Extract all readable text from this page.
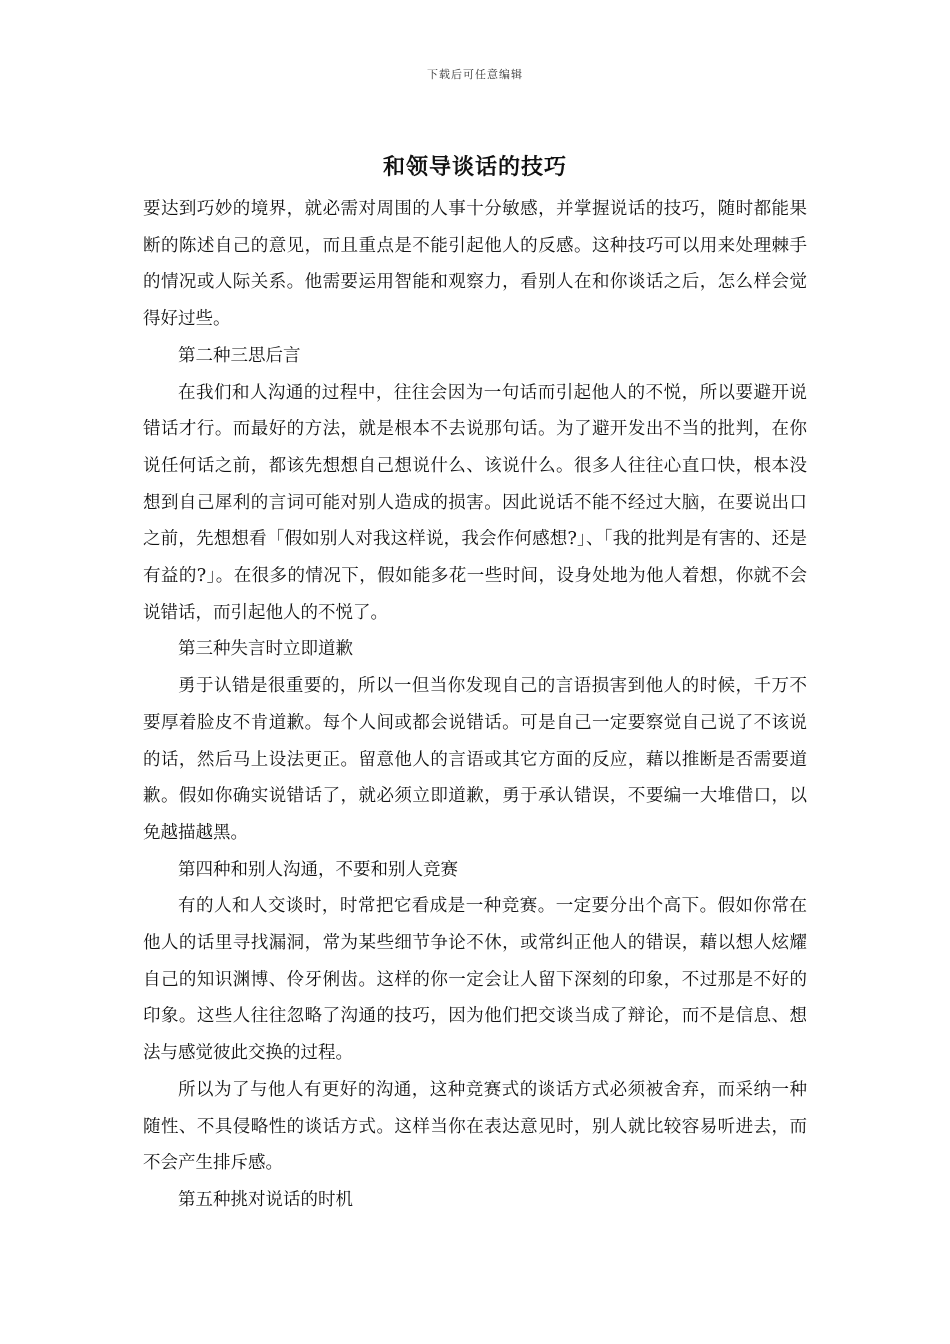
下载后可任意编辑
和领导谈话的技巧

要达到巧妙的境界，就必需对周围的人事十分敏感，并掌握说话的技巧，随时都能果断的陈述自己的意见，而且重点是不能引起他人的反感。这种技巧可以用来处理棘手的情况或人际关系。他需要运用智能和观察力，看别人在和你谈话之后，怎么样会觉得好过些。

第二种三思后言

在我们和人沟通的过程中，往往会因为一句话而引起他人的不悦，所以要避开说错话才行。而最好的方法，就是根本不去说那句话。为了避开发出不当的批判，在你说任何话之前，都该先想想自己想说什么、该说什么。很多人往往心直口快，根本没想到自己犀利的言词可能对别人造成的损害。因此说话不能不经过大脑，在要说出口之前，先想想看「假如别人对我这样说，我会作何感想?」、「我的批判是有害的、还是有益的?」。在很多的情况下，假如能多花一些时间，设身处地为他人着想，你就不会说错话，而引起他人的不悦了。

第三种失言时立即道歉

勇于认错是很重要的，所以一但当你发现自己的言语损害到他人的时候，千万不要厚着脸皮不肯道歉。每个人间或都会说错话。可是自己一定要察觉自己说了不该说的话，然后马上设法更正。留意他人的言语或其它方面的反应，藉以推断是否需要道歉。假如你确实说错话了，就必须立即道歉，勇于承认错误，不要编一大堆借口，以免越描越黑。

第四种和别人沟通，不要和别人竞赛

有的人和人交谈时，时常把它看成是一种竞赛。一定要分出个高下。假如你常在他人的话里寻找漏洞，常为某些细节争论不休，或常纠正他人的错误，藉以想人炫耀自己的知识渊博、伶牙俐齿。这样的你一定会让人留下深刻的印象，不过那是不好的印象。这些人往往忽略了沟通的技巧，因为他们把交谈当成了辩论，而不是信息、想法与感觉彼此交换的过程。

所以为了与他人有更好的沟通，这种竞赛式的谈话方式必须被舍弃，而采纳一种随性、不具侵略性的谈话方式。这样当你在表达意见时，别人就比较容易听进去，而不会产生排斥感。

第五种挑对说话的时机
